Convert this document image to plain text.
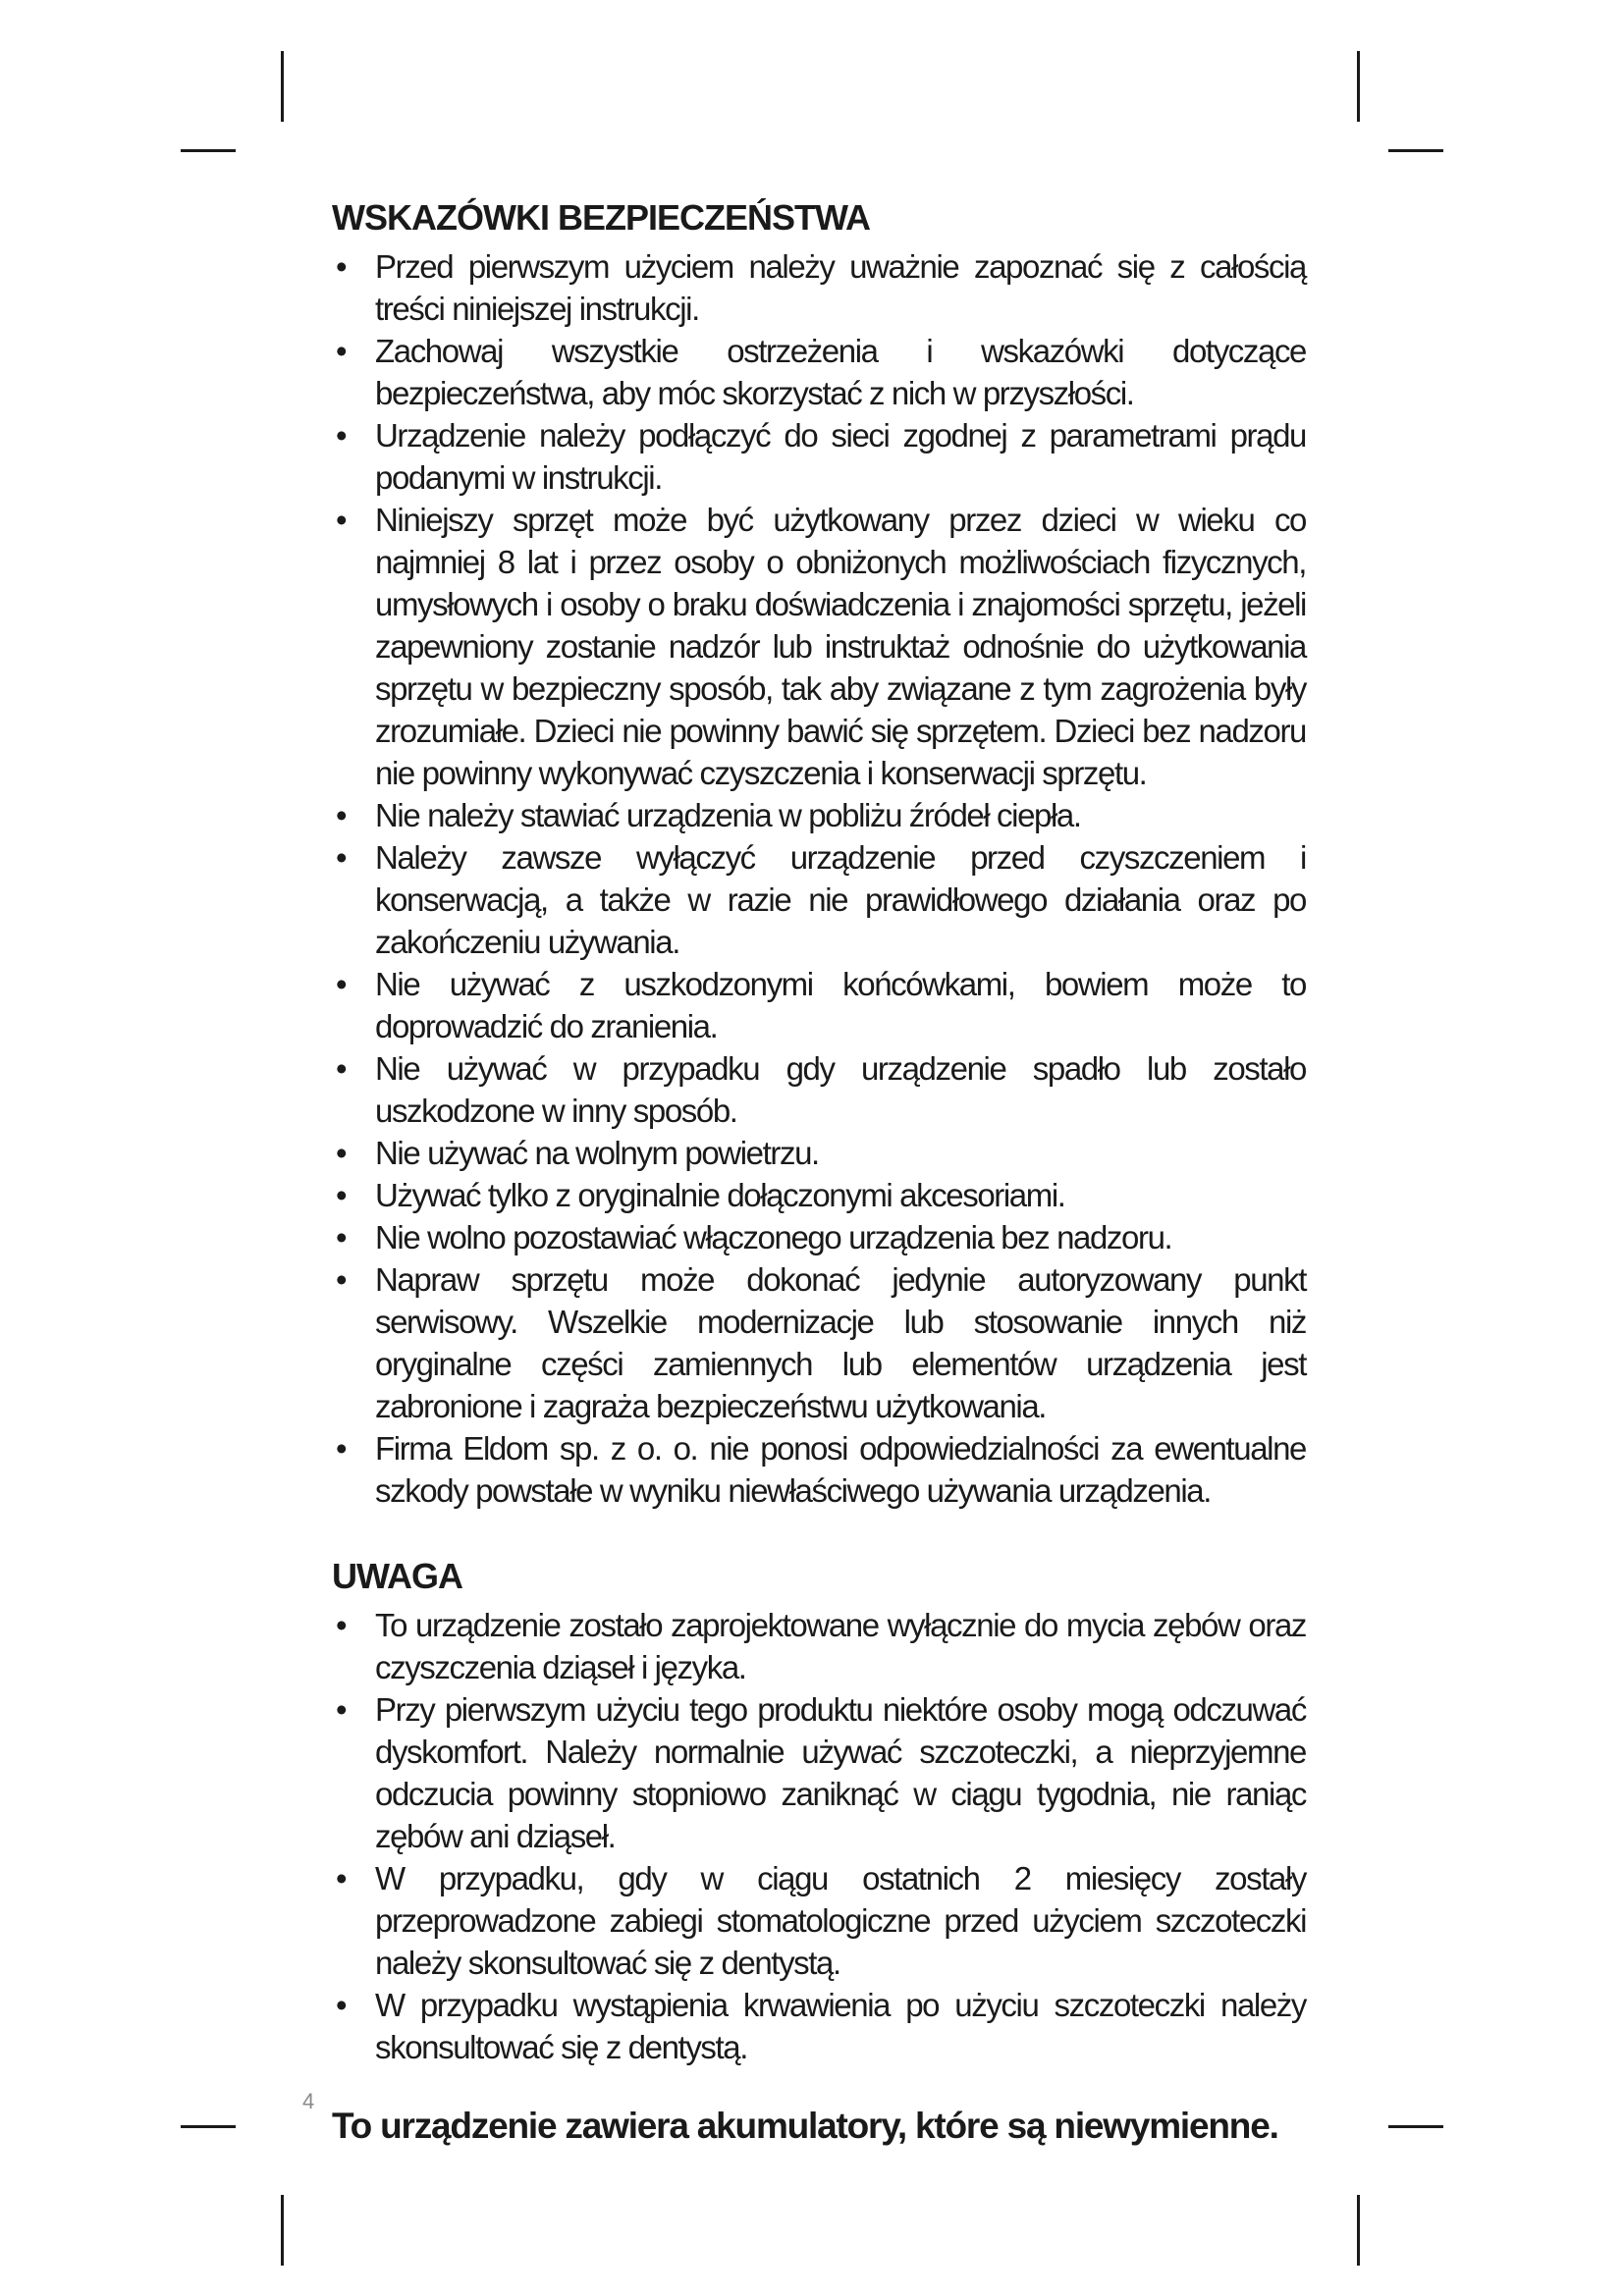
WSKAZÓWKI BEZPIECZEŃSTWA
• Przed pierwszym użyciem należy uważnie zapoznać się z całością treści niniejszej instrukcji.
• Zachowaj wszystkie ostrzeżenia i wskazówki dotyczące bezpieczeństwa, aby móc skorzystać z nich w przyszłości.
• Urządzenie należy podłączyć do sieci zgodnej z parametrami prądu podanymi w instrukcji.
• Niniejszy sprzęt może być użytkowany przez dzieci w wieku co najmniej 8 lat i przez osoby o obniżonych możliwościach fizycznych, umysłowych i osoby o braku doświadczenia i znajomości sprzętu, jeżeli zapewniony zostanie nadzór lub instruktaż odnośnie do użytkowania sprzętu w bezpieczny sposób, tak aby związane z tym zagrożenia były zrozumiałe. Dzieci nie powinny bawić się sprzętem. Dzieci bez nadzoru nie powinny wykonywać czyszczenia i konserwacji sprzętu.
• Nie należy stawiać urządzenia w pobliżu źródeł ciepła.
• Należy zawsze wyłączyć urządzenie przed czyszczeniem i konserwacją, a także w razie nie prawidłowego działania oraz po zakończeniu używania.
• Nie używać z uszkodzonymi końcówkami, bowiem może to doprowadzić do zranienia.
• Nie używać w przypadku gdy urządzenie spadło lub zostało uszkodzone w inny sposób.
• Nie używać na wolnym powietrzu.
• Używać tylko z oryginalnie dołączonymi akcesoriami.
• Nie wolno pozostawiać włączonego urządzenia bez nadzoru.
• Napraw sprzętu może dokonać jedynie autoryzowany punkt serwisowy. Wszelkie modernizacje lub stosowanie innych niż oryginalne części zamiennych lub elementów urządzenia jest zabronione i zagraża bezpieczeństwu użytkowania.
• Firma Eldom sp. z o. o. nie ponosi odpowiedzialności za ewentualne szkody powstałe w wyniku niewłaściwego używania urządzenia.
UWAGA
• To urządzenie zostało zaprojektowane wyłącznie do mycia zębów oraz czyszczenia dziąseł i języka.
• Przy pierwszym użyciu tego produktu niektóre osoby mogą odczuwać dyskomfort. Należy normalnie używać szczoteczki, a nieprzyjemne odczucia powinny stopniowo zaniknąć w ciągu tygodnia, nie raniąc zębów ani dziąseł.
• W przypadku, gdy w ciągu ostatnich 2 miesięcy zostały przeprowadzone zabiegi stomatologiczne przed użyciem szczoteczki należy skonsultować się z dentystą.
• W przypadku wystąpienia krwawienia po użyciu szczoteczki należy skonsultować się z dentystą.
To urządzenie zawiera akumulatory, które są niewymienne.
4
